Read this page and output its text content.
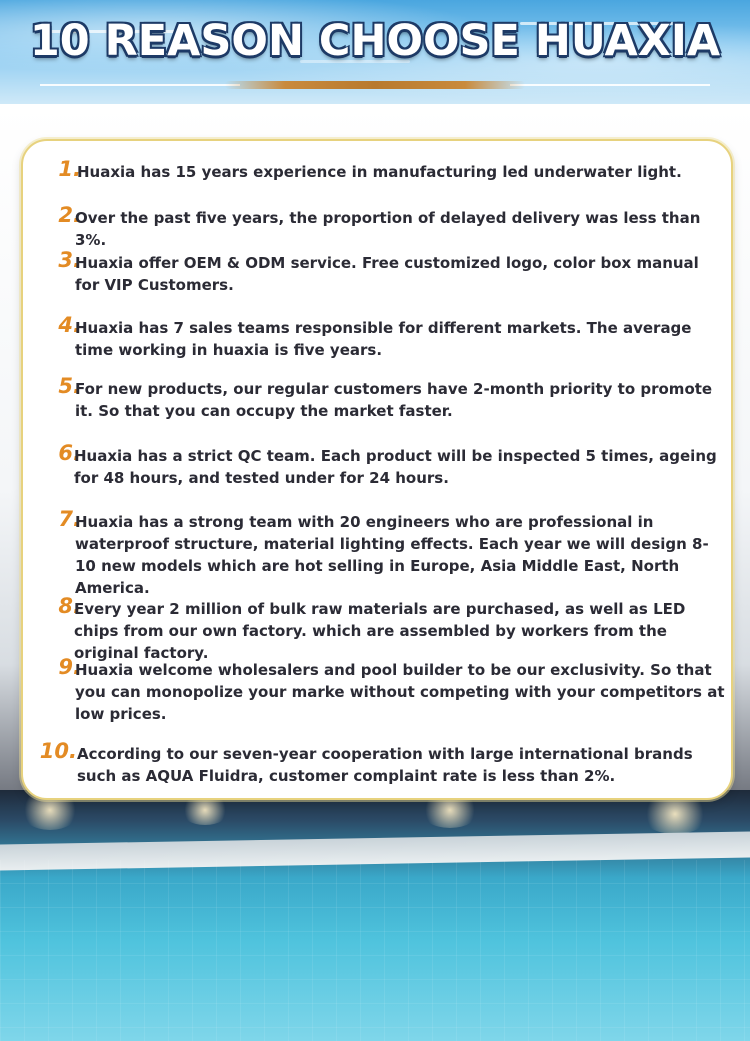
10 REASON CHOOSE HUAXIA
1.
Huaxia has 15 years experience in manufacturing led underwater light.
2.
Over the past five years, the proportion of delayed delivery was less than 3%.
3.
Huaxia offer OEM & ODM service. Free customized logo, color box manual for VIP Customers.
4.
Huaxia has 7 sales teams responsible for different markets. The average time working in huaxia is five years.
5.
For new products, our regular customers have 2-month priority to promote it. So that you can occupy the market faster.
6.
Huaxia has a strict QC team. Each product will be inspected 5 times, ageing for 48 hours, and tested under for 24 hours.
7.
Huaxia has a strong team with 20 engineers who are professional in waterproof structure, material lighting effects. Each year we will design 8-10 new models which are hot selling in Europe, Asia Middle East, North America.
8.
Every year 2 million of bulk raw materials are purchased, as well as LED chips from our own factory. which are assembled by workers from the original factory.
9.
Huaxia welcome wholesalers and pool builder to be our exclusivity. So that you can monopolize your marke without competing with your competitors at low prices.
10. According to our seven-year cooperation with large international brands such as AQUA Fluidra, customer complaint rate is less than 2%.
